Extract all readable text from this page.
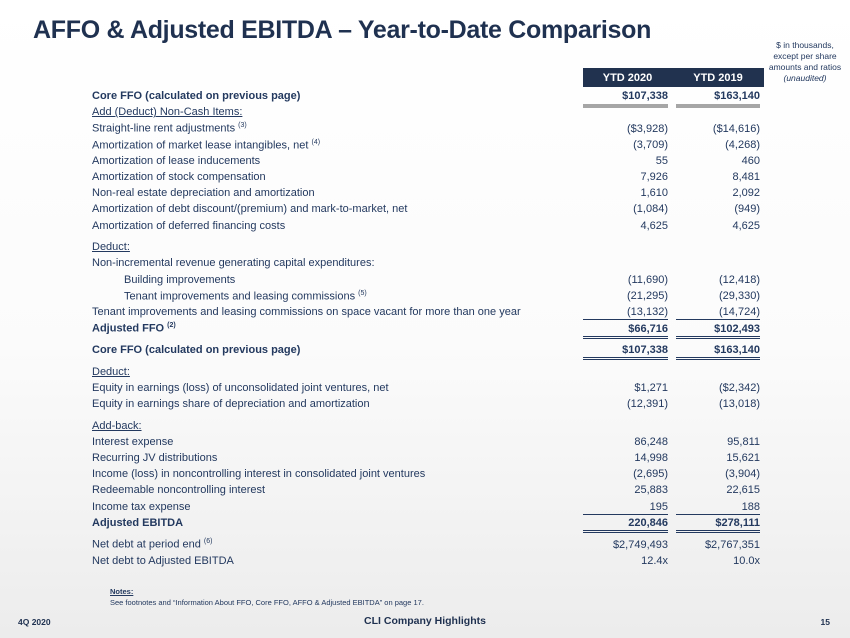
AFFO & Adjusted EBITDA – Year-to-Date Comparison
$ in thousands, except per share amounts and ratios
(unaudited)
YTD 2020	YTD 2019
Core FFO (calculated on previous page)	$107,338	$163,140
Add (Deduct) Non-Cash Items:
Straight-line rent adjustments $^{(3)}$	($3,928)	($14,616)
Amortization of market lease intangibles, net $^{(4)}$	(3,709)	(4,268)
Amortization of lease inducements	55	460
Amortization of stock compensation	7,926	8,481
Non-real estate depreciation and amortization	1,610	2,092
Amortization of debt discount/(premium) and mark-to-market, net	(1,084)	(949)
Amortization of deferred financing costs	4,625	4,625
Deduct:
Non-incremental revenue generating capital expenditures:
Building improvements	(11,690)	(12,418)
Tenant improvements and leasing commissions $^{(5)}$	(21,295)	(29,330)
Tenant improvements and leasing commissions on space vacant for more than one year	(13,132)	(14,724)
Adjusted FFO $^{(2)}$	$66,716	$102,493
Core FFO (calculated on previous page)	$107,338	$163,140
Deduct:
Equity in earnings (loss) of unconsolidated joint ventures, net	$1,271	($2,342)
Equity in earnings share of depreciation and amortization	(12,391)	(13,018)
Add-back:
Interest expense	86,248	95,811
Recurring JV distributions	14,998	15,621
Income (loss) in noncontrolling interest in consolidated joint ventures	(2,695)	(3,904)
Redeemable noncontrolling interest	25,883	22,615
Income tax expense	195	188
Adjusted EBITDA	220,846	$278,111
Net debt at period end $^{(6)}$	$2,749,493	$2,767,351
Net debt to Adjusted EBITDA	12.4x	10.0x
Notes:
See footnotes and “Information About FFO, Core FFO, AFFO & Adjusted EBITDA” on page 17.
4Q 2020	CLI Company Highlights	15
